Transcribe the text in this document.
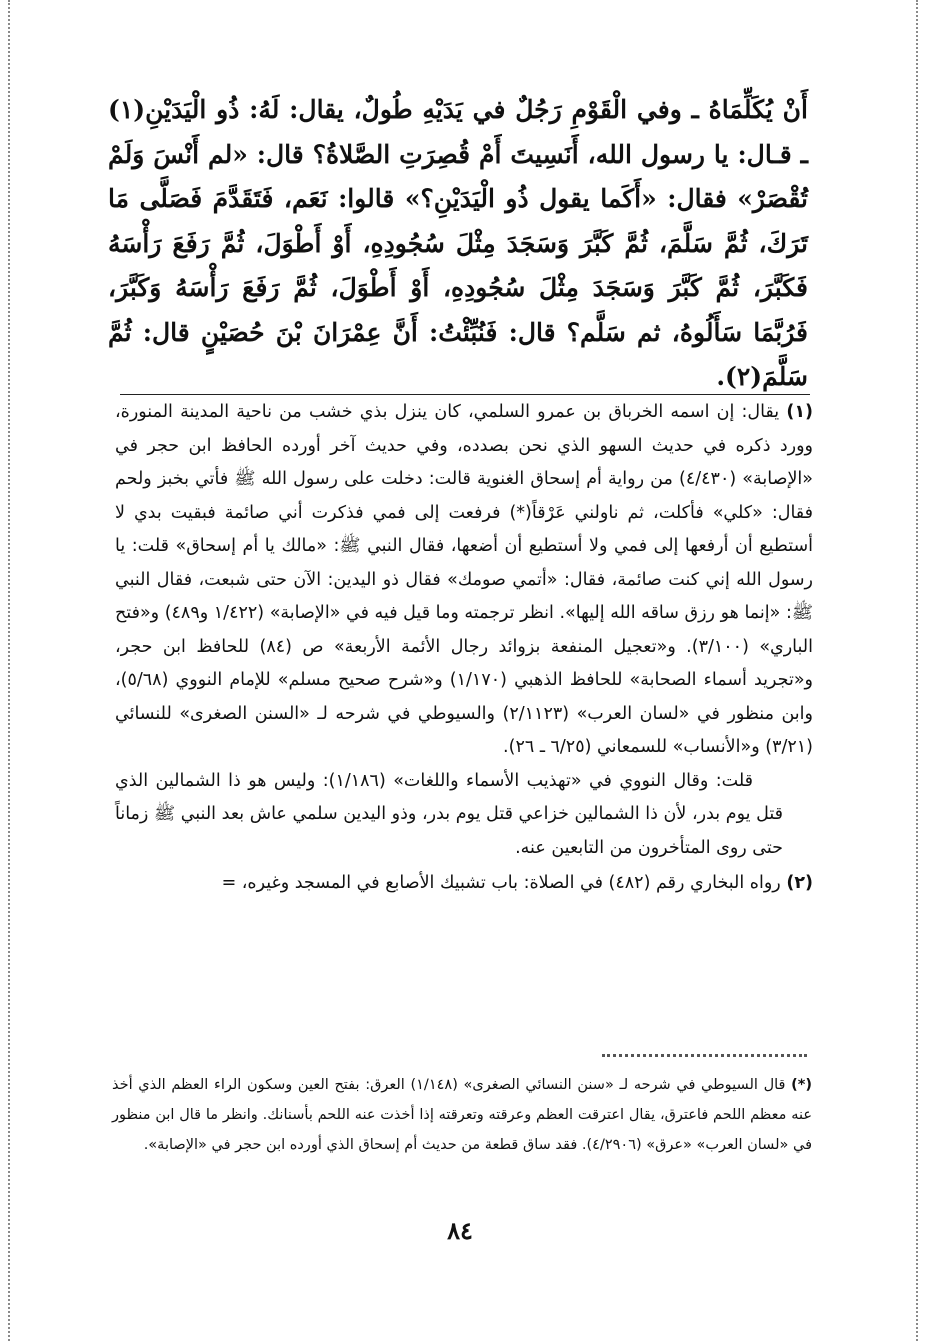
أَنْ يُكَلِّمَاهُ ـ وفي الْقَوْمِ رَجُلٌ في يَدَيْهِ طُولٌ، يقال: لَهُ: ذُو الْيَدَيْنِ(١) ـ قـال: يا رسول الله، أَنَسِيتَ أَمْ قُصِرَتِ الصَّلاةُ؟ قال: «لم أَنْسَ وَلَمْ تُقْصَرْ» فقال: «أَكَما يقول ذُو الْيَدَيْنِ؟» قالوا: نَعَم، فَتَقَدَّمَ فَصَلَّى مَا تَرَكَ، ثُمَّ سَلَّمَ، ثُمَّ كَبَّرَ وَسَجَدَ مِثْلَ سُجُودِهِ، أَوْ أَطْوَلَ، ثُمَّ رَفَعَ رَأْسَهُ فَكَبَّرَ، ثُمَّ كَبَّرَ وَسَجَدَ مِثْلَ سُجُودِهِ، أَوْ أَطْوَلَ، ثُمَّ رَفَعَ رَأْسَهُ وَكَبَّرَ، فَرُبَّمَا سَأَلُوهُ، ثم سَلَّم؟ قال: فَنُبِّئْتُ: أَنَّ عِمْرَانَ بْنَ حُصَيْنٍ قال: ثُمَّ سَلَّمَ(٢).

(١) يقال: إن اسمه الخرباق بن عمرو السلمي، كان ينزل بذي خشب من ناحية المدينة المنورة، وورد ذكره في حديث السهو الذي نحن بصدده، وفي حديث آخر أورده الحافظ ابن حجر في «الإصابة» (٤/٤٣٠) من رواية أم إسحاق الغنوية قالت: دخلت على رسول الله ﷺ فأتي بخبز ولحم فقال: «كلي» فأكلت، ثم ناولني عَرْقاً(*) فرفعت إلى فمي فذكرت أني صائمة فبقيت بدي لا أستطيع أن أرفعها إلى فمي ولا أستطيع أن أضعها، فقال النبي ﷺ: «مالك يا أم إسحاق» قلت: يا رسول الله إني كنت صائمة، فقال: «أتمي صومك» فقال ذو اليدين: الآن حتى شبعت، فقال النبي ﷺ: «إنما هو رزق ساقه الله إليها». انظر ترجمته وما قيل فيه في «الإصابة» (١/٤٢٢ و٤٨٩) و«فتح الباري» (٣/١٠٠). و«تعجيل المنفعة بزوائد رجال الأئمة الأربعة» ص (٨٤) للحافظ ابن حجر، و«تجريد أسماء الصحابة» للحافظ الذهبي (١/١٧٠) و«شرح صحيح مسلم» للإمام النووي (٥/٦٨)، وابن منظور في «لسان العرب» (٢/١١٢٣) والسيوطي في شرحه لـ «السنن الصغرى» للنسائي (٣/٢١) و«الأنساب» للسمعاني (٦/٢٥ ـ ٢٦).

قلت: وقال النووي في «تهذيب الأسماء واللغات» (١/١٨٦): وليس هو ذا الشمالين الذي قتل يوم بدر، لأن ذا الشمالين خزاعي قتل يوم بدر، وذو اليدين سلمي عاش بعد النبي ﷺ زماناً حتى روى المتأخرون من التابعين عنه.

(٢) رواه البخاري رقم (٤٨٢) في الصلاة: باب تشبيك الأصابع في المسجد وغيره، =

(*) قال السيوطي في شرحه لـ «سنن النسائي الصغرى» (١/١٤٨) العرق: بفتح العين وسكون الراء العظم الذي أخذ عنه معظم اللحم فاعترق، يقال اعترقت العظم وعرقته وتعرقته إذا أخذت عنه اللحم بأسنانك. وانظر ما قال ابن منظور في «لسان العرب» «عرق» (٤/٢٩٠٦). فقد ساق قطعة من حديث أم إسحاق الذي أورده ابن حجر في «الإصابة».
٨٤
